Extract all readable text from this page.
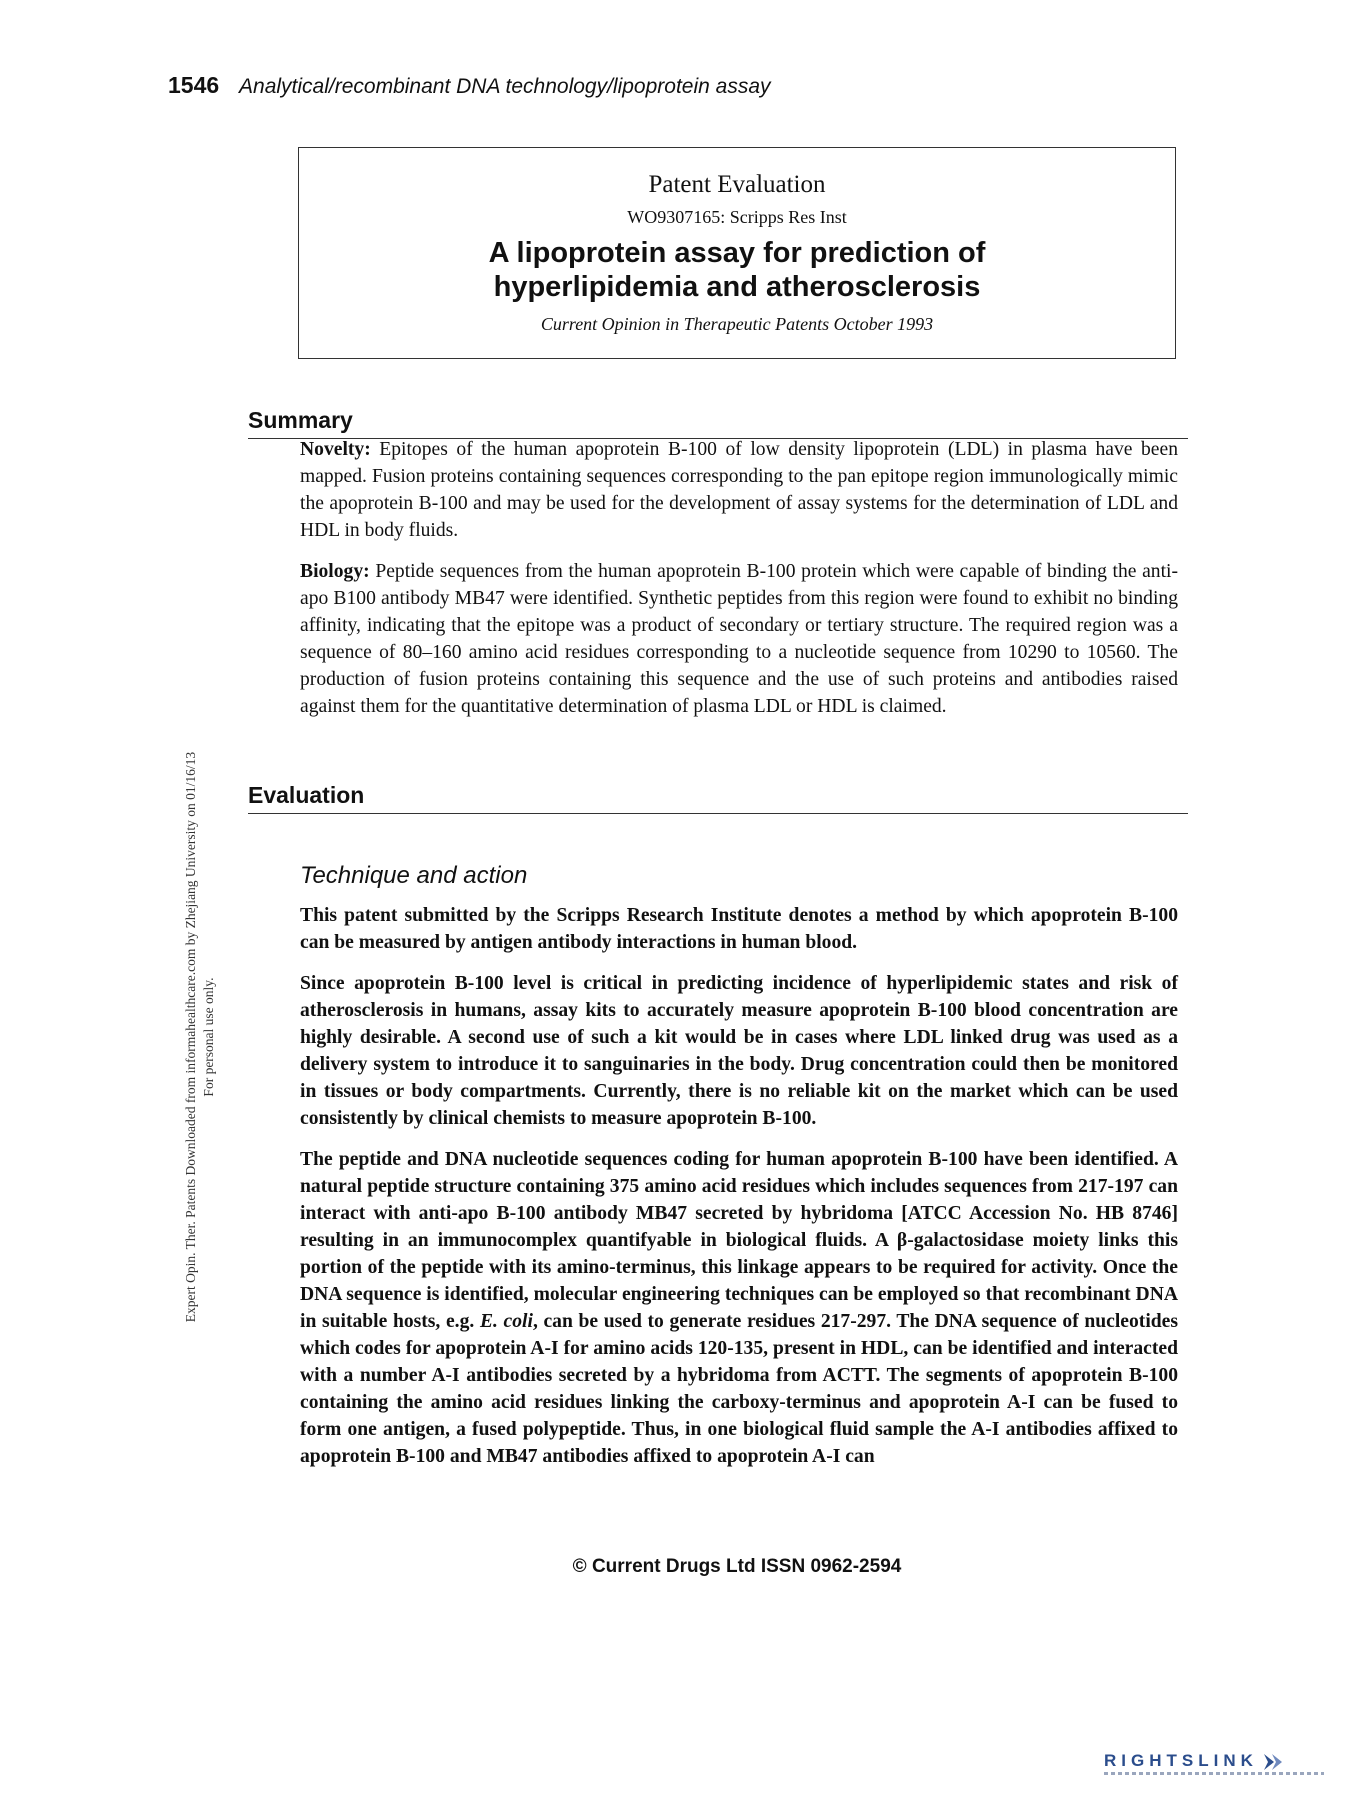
1546 Analytical/recombinant DNA technology/lipoprotein assay
Patent Evaluation
WO9307165: Scripps Res Inst
A lipoprotein assay for prediction of
hyperlipidemia and atherosclerosis
Current Opinion in Therapeutic Patents October 1993
Summary

Novelty: Epitopes of the human apoprotein B-100 of low density lipoprotein (LDL) in plasma have been mapped. Fusion proteins containing sequences corresponding to the pan epitope region immunologically mimic the apoprotein B-100 and may be used for the development of assay systems for the determination of LDL and HDL in body fluids.

Biology: Peptide sequences from the human apoprotein B-100 protein which were capable of binding the anti-apo B100 antibody MB47 were identified. Synthetic peptides from this region were found to exhibit no binding affinity, indicating that the epitope was a product of secondary or tertiary structure. The required region was a sequence of 80–160 amino acid residues corresponding to a nucleotide sequence from 10290 to 10560. The production of fusion proteins containing this sequence and the use of such proteins and antibodies raised against them for the quantitative determination of plasma LDL or HDL is claimed.

Evaluation
Technique and action

This patent submitted by the Scripps Research Institute denotes a method by which apoprotein B-100 can be measured by antigen antibody interactions in human blood.

Since apoprotein B-100 level is critical in predicting incidence of hyperlipidemic states and risk of atherosclerosis in humans, assay kits to accurately measure apoprotein B-100 blood concentration are highly desirable. A second use of such a kit would be in cases where LDL linked drug was used as a delivery system to introduce it to sanguinaries in the body. Drug concentration could then be monitored in tissues or body compartments. Currently, there is no reliable kit on the market which can be used consistently by clinical chemists to measure apoprotein B-100.

The peptide and DNA nucleotide sequences coding for human apoprotein B-100 have been identified. A natural peptide structure containing 375 amino acid residues which includes sequences from 217-197 can interact with anti-apo B-100 antibody MB47 secreted by hybridoma [ATCC Accession No. HB 8746] resulting in an immunocomplex quantifyable in biological fluids. A β-galactosidase moiety links this portion of the peptide with its amino-terminus, this linkage appears to be required for activity. Once the DNA sequence is identified, molecular engineering techniques can be employed so that recombinant DNA in suitable hosts, e.g. E. coli, can be used to generate residues 217-297. The DNA sequence of nucleotides which codes for apoprotein A-I for amino acids 120-135, present in HDL, can be identified and interacted with a number A-I antibodies secreted by a hybridoma from ACTT. The segments of apoprotein B-100 containing the amino acid residues linking the carboxy-terminus and apoprotein A-I can be fused to form one antigen, a fused polypeptide. Thus, in one biological fluid sample the A-I antibodies affixed to apoprotein B-100 and MB47 antibodies affixed to apoprotein A-I can

© Current Drugs Ltd ISSN 0962-2594
Expert Opin. Ther. Patents Downloaded from informahealthcare.com by Zhejiang University on 01/16/13 For personal use only.
RIGHTSLINK
